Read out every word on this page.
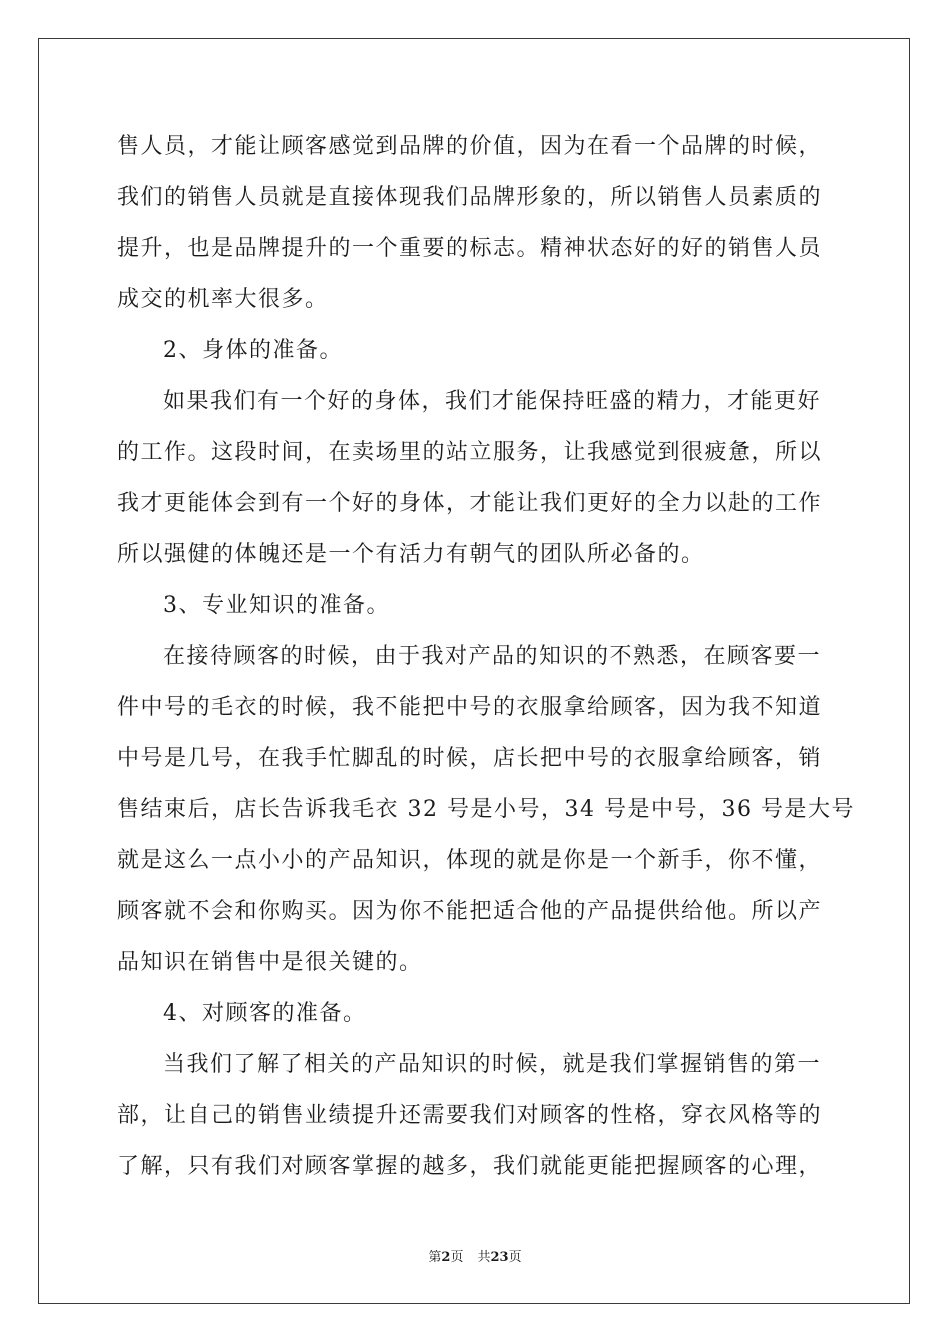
售人员，才能让顾客感觉到品牌的价值，因为在看一个品牌的时候，
我们的销售人员就是直接体现我们品牌形象的，所以销售人员素质的
提升，也是品牌提升的一个重要的标志。精神状态好的好的销售人员
成交的机率大很多。
2、身体的准备。
如果我们有一个好的身体，我们才能保持旺盛的精力，才能更好
的工作。这段时间，在卖场里的站立服务，让我感觉到很疲惫，所以
我才更能体会到有一个好的身体，才能让我们更好的全力以赴的工作
所以强健的体魄还是一个有活力有朝气的团队所必备的。
3、专业知识的准备。
在接待顾客的时候，由于我对产品的知识的不熟悉，在顾客要一
件中号的毛衣的时候，我不能把中号的衣服拿给顾客，因为我不知道
中号是几号，在我手忙脚乱的时候，店长把中号的衣服拿给顾客，销
售结束后，店长告诉我毛衣 32 号是小号，34 号是中号，36 号是大号
就是这么一点小小的产品知识，体现的就是你是一个新手，你不懂，
顾客就不会和你购买。因为你不能把适合他的产品提供给他。所以产
品知识在销售中是很关键的。
4、对顾客的准备。
当我们了解了相关的产品知识的时候，就是我们掌握销售的第一
部，让自己的销售业绩提升还需要我们对顾客的性格，穿衣风格等的
了解，只有我们对顾客掌握的越多，我们就能更能把握顾客的心理，
第2页 共23页
